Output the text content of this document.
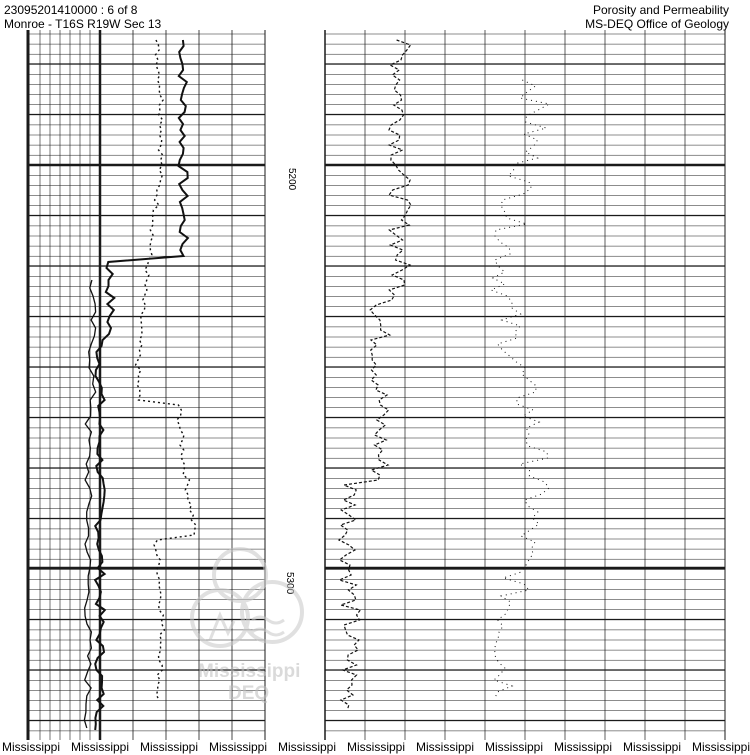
23095201410000 : 6 of 8
Monroe - T16S R19W Sec 13
Porosity and Permeability
MS-DEQ Office of Geology
5200
5300
Mississippi
DEQ
Mississippi Mississippi Mississippi Mississippi Mississippi Mississippi Mississippi Mississippi Mississippi Mississippi Mississippi
